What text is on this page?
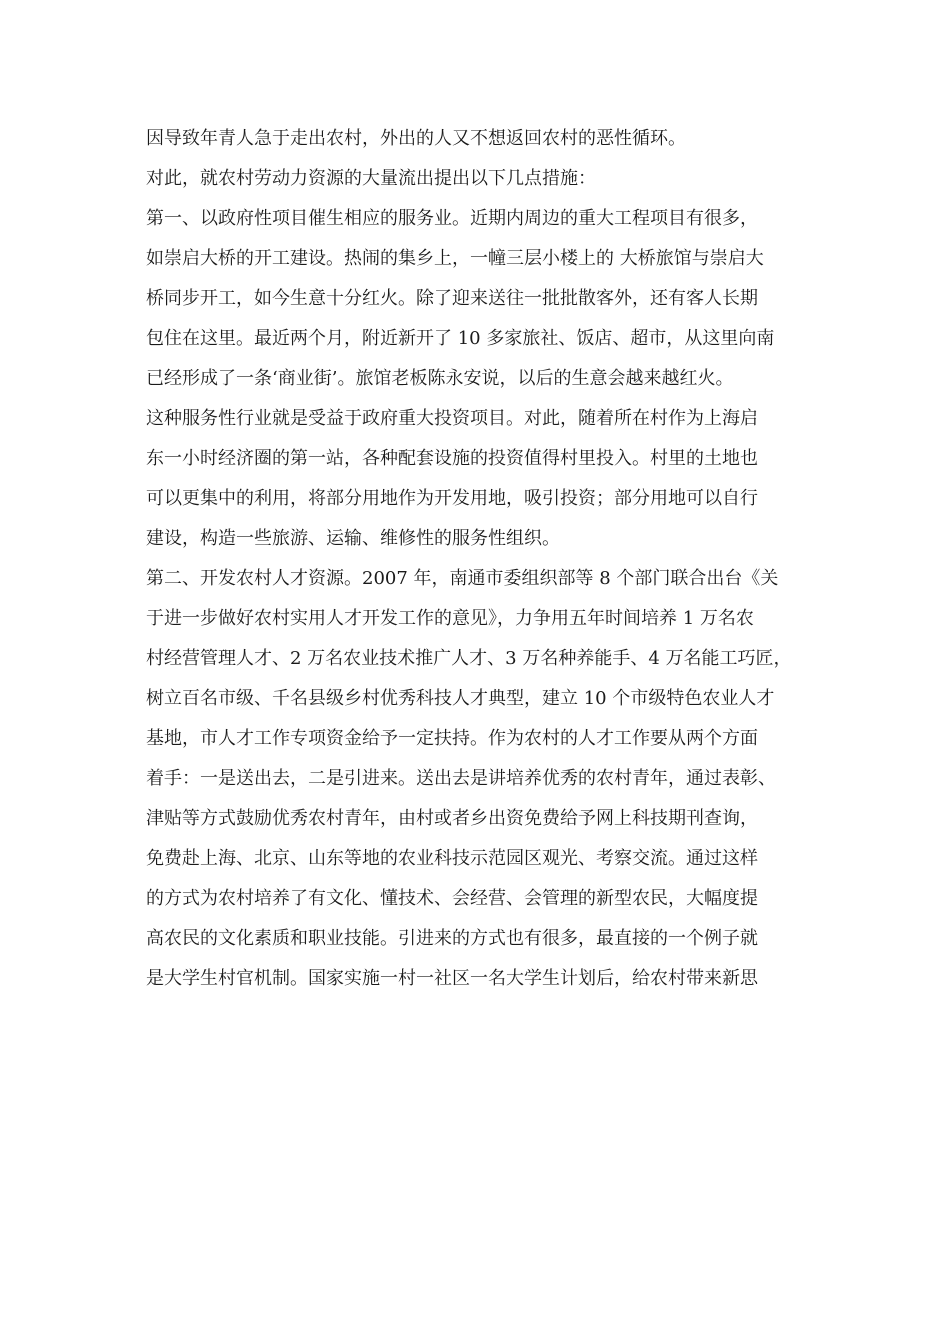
因导致年青人急于走出农村，外出的人又不想返回农村的恶性循环。
对此，就农村劳动力资源的大量流出提出以下几点措施：
第一、以政府性项目催生相应的服务业。近期内周边的重大工程项目有很多，
如崇启大桥的开工建设。热闹的集乡上，一幢三层小楼上的 大桥旅馆与崇启大
桥同步开工，如今生意十分红火。除了迎来送往一批批散客外，还有客人长期
包住在这里。最近两个月，附近新开了 10 多家旅社、饭店、超市，从这里向南
已经形成了一条‘商业街’。旅馆老板陈永安说，以后的生意会越来越红火。
这种服务性行业就是受益于政府重大投资项目。对此，随着所在村作为上海启
东一小时经济圈的第一站，各种配套设施的投资值得村里投入。村里的土地也
可以更集中的利用，将部分用地作为开发用地，吸引投资；部分用地可以自行
建设，构造一些旅游、运输、维修性的服务性组织。
第二、开发农村人才资源。2007 年，南通市委组织部等 8 个部门联合出台《关
于进一步做好农村实用人才开发工作的意见》，力争用五年时间培养 1 万名农
村经营管理人才、2 万名农业技术推广人才、3 万名种养能手、4 万名能工巧匠，
树立百名市级、千名县级乡村优秀科技人才典型，建立 10 个市级特色农业人才
基地，市人才工作专项资金给予一定扶持。作为农村的人才工作要从两个方面
着手：一是送出去，二是引进来。送出去是讲培养优秀的农村青年，通过表彰、
津贴等方式鼓励优秀农村青年，由村或者乡出资免费给予网上科技期刊查询，
免费赴上海、北京、山东等地的农业科技示范园区观光、考察交流。通过这样
的方式为农村培养了有文化、懂技术、会经营、会管理的新型农民，大幅度提
高农民的文化素质和职业技能。引进来的方式也有很多，最直接的一个例子就
是大学生村官机制。国家实施一村一社区一名大学生计划后，给农村带来新思
